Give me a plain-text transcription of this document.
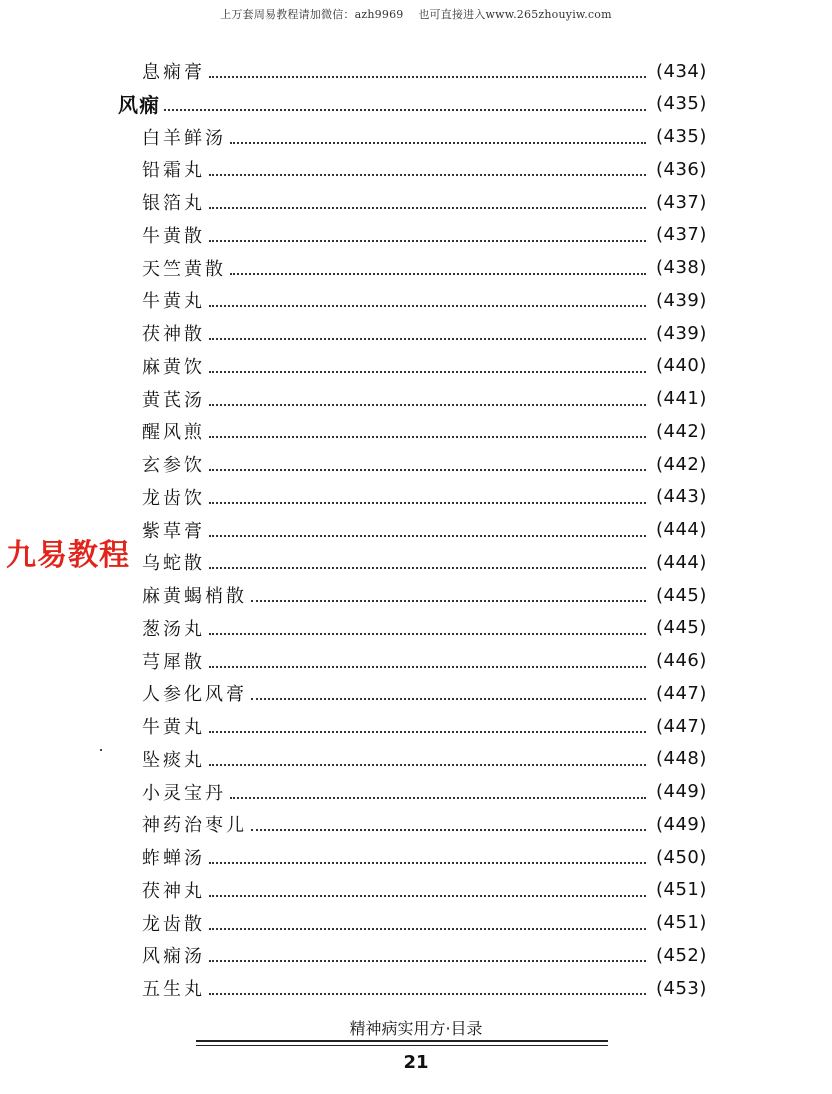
上万套周易教程请加微信：azh9969　 也可直接进入www.265zhouyiw.com
九易教程
息痫膏	(434)
风痫	(435)
白羊鲜汤	(435)
铅霜丸	(436)
银箔丸	(437)
牛黄散	(437)
天竺黄散	(438)
牛黄丸	(439)
茯神散	(439)
麻黄饮	(440)
黄芪汤	(441)
醒风煎	(442)
玄参饮	(442)
龙齿饮	(443)
紫草膏	(444)
乌蛇散	(444)
麻黄蝎梢散	(445)
葱汤丸	(445)
芎犀散	(446)
人参化风膏	(447)
牛黄丸	(447)
坠痰丸	(448)
小灵宝丹	(449)
神药治枣儿	(449)
蚱蝉汤	(450)
茯神丸	(451)
龙齿散	(451)
风痫汤	(452)
五生丸	(453)
精神病实用方·目录
21
